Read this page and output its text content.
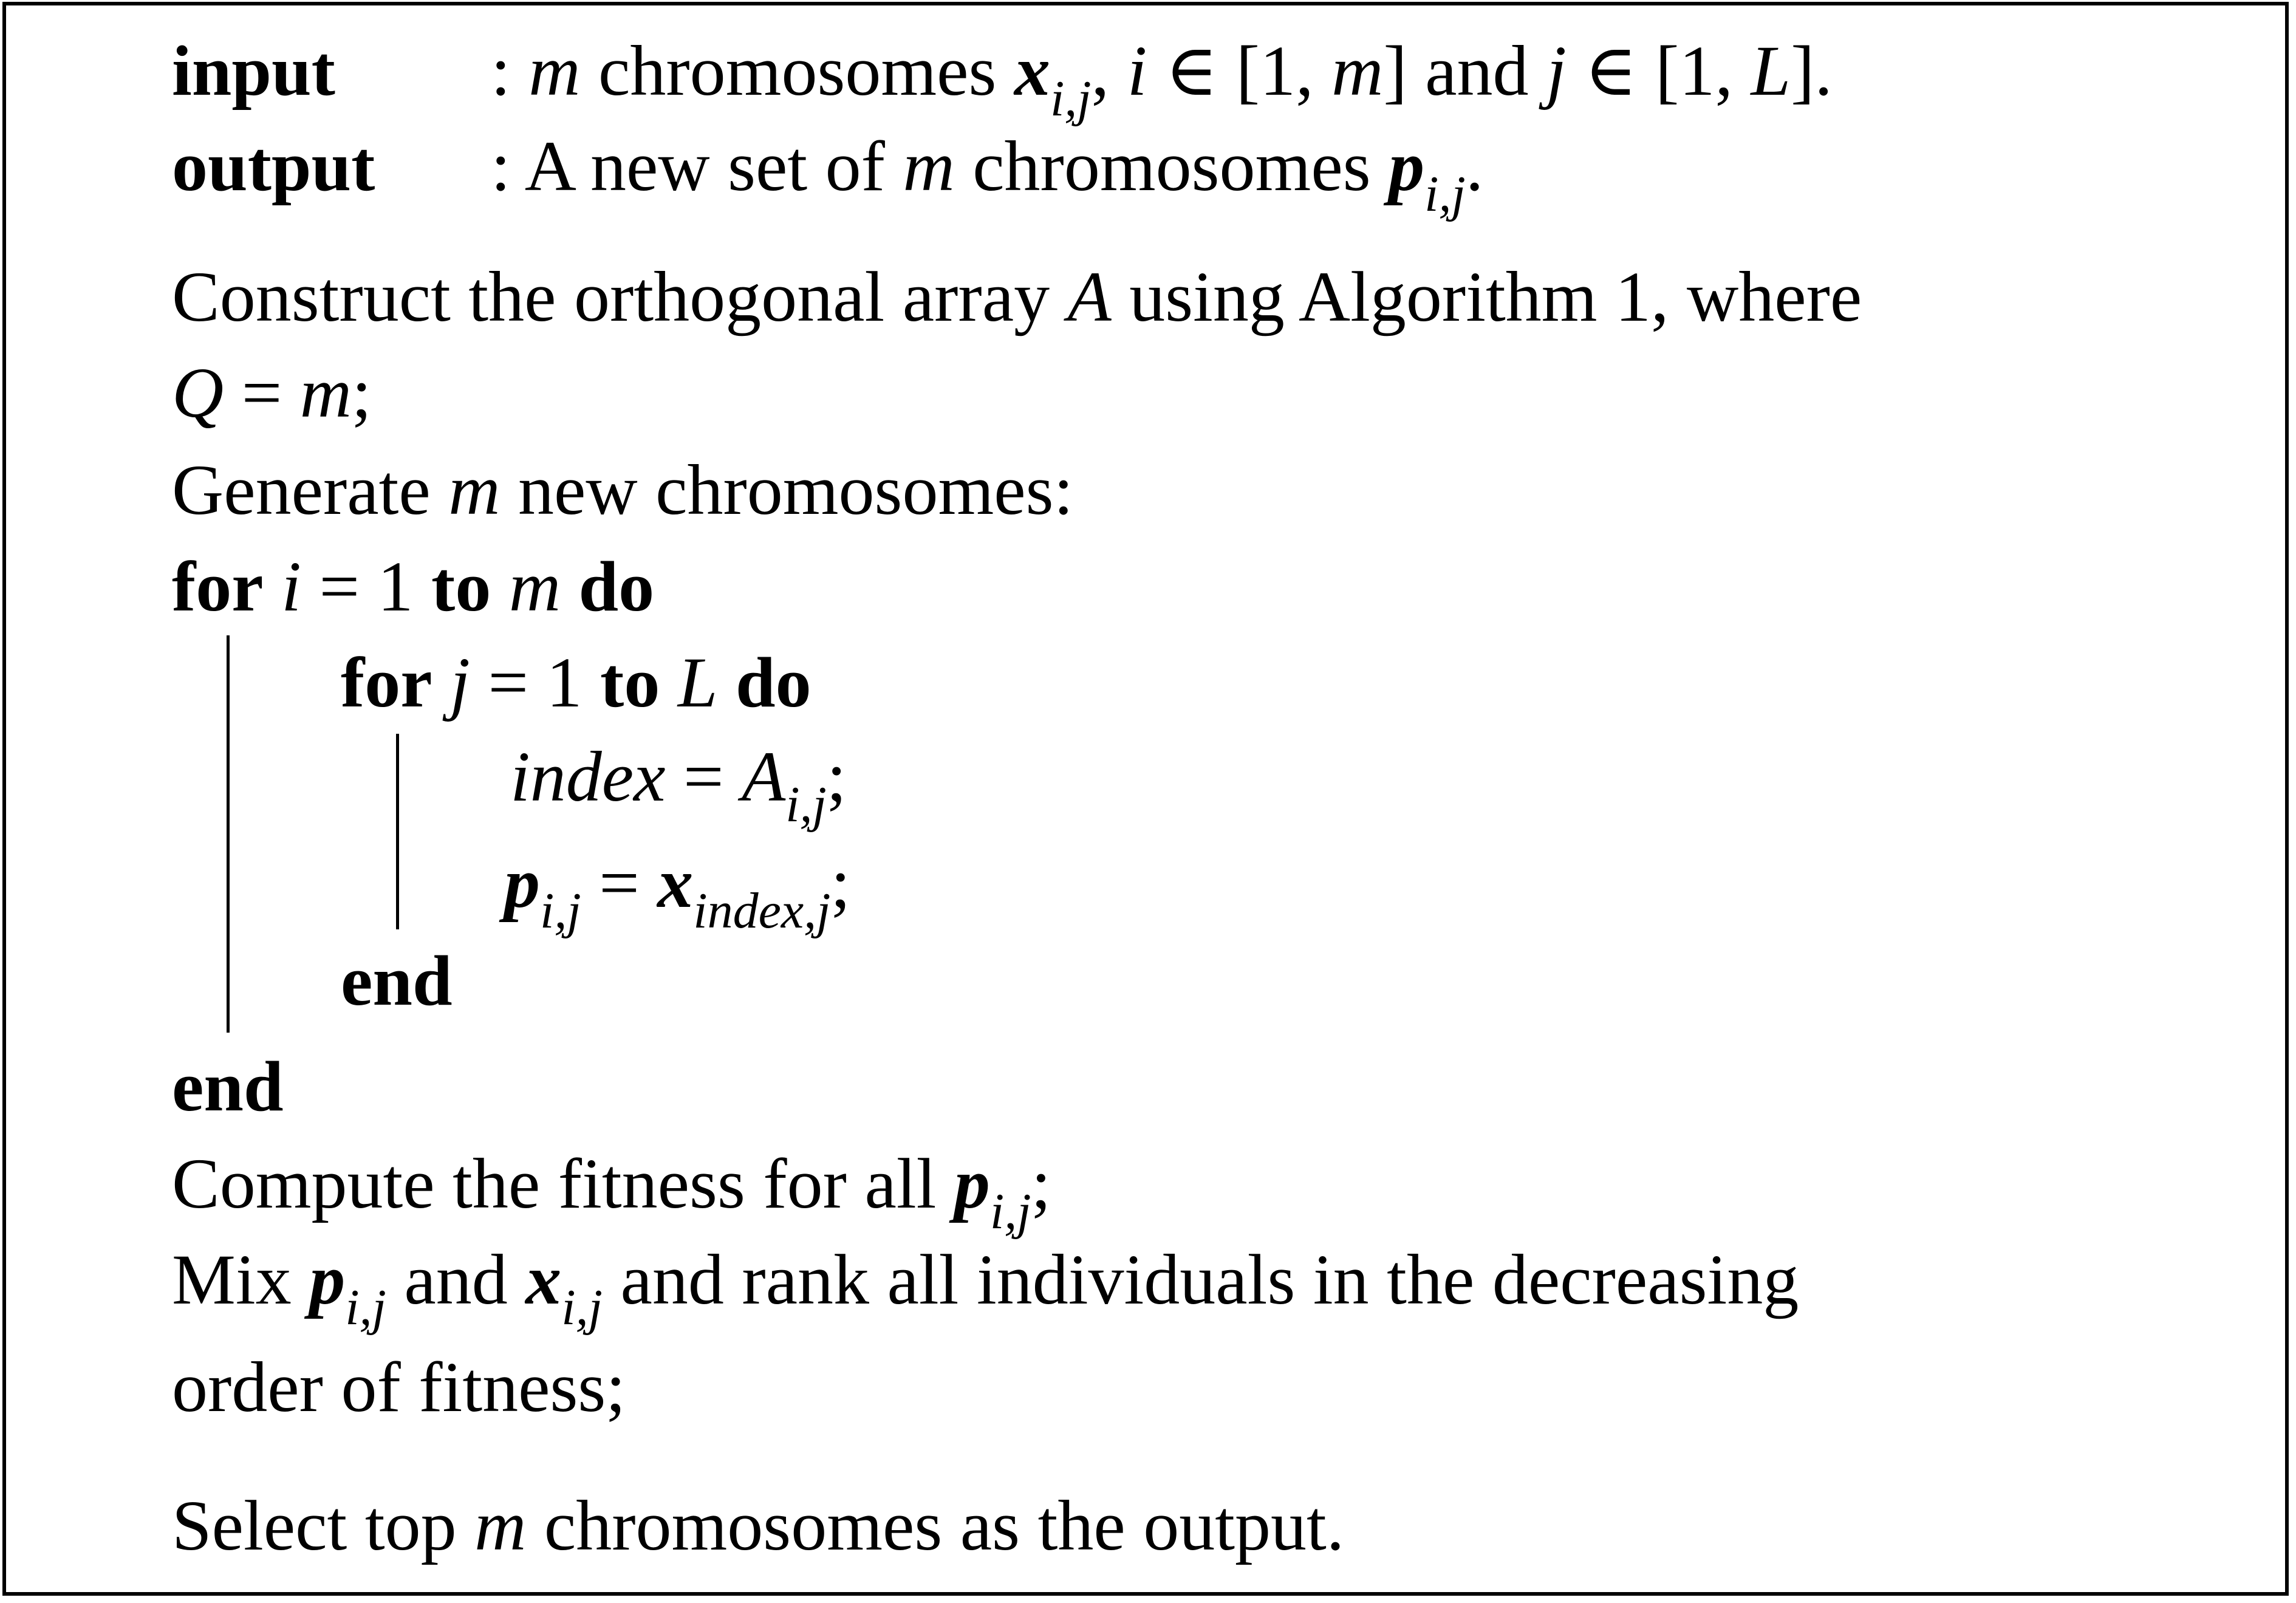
input : m chromosomes $x_{i,j}$, i ∈ [1, m] and j ∈ [1, L].
output : A new set of m chromosomes $p_{i,j}$.
Construct the orthogonal array A using Algorithm 1, where
Q = m;
Generate m new chromosomes:
for i = 1 to m do
for j = 1 to L do
index = $A_{i,j}$;
$p_{i,j} = x_{index,j}$;
end
end
Compute the fitness for all $p_{i,j}$;
Mix $p_{i,j}$ and $x_{i,j}$ and rank all individuals in the decreasing
order of fitness;
Select top m chromosomes as the output.
